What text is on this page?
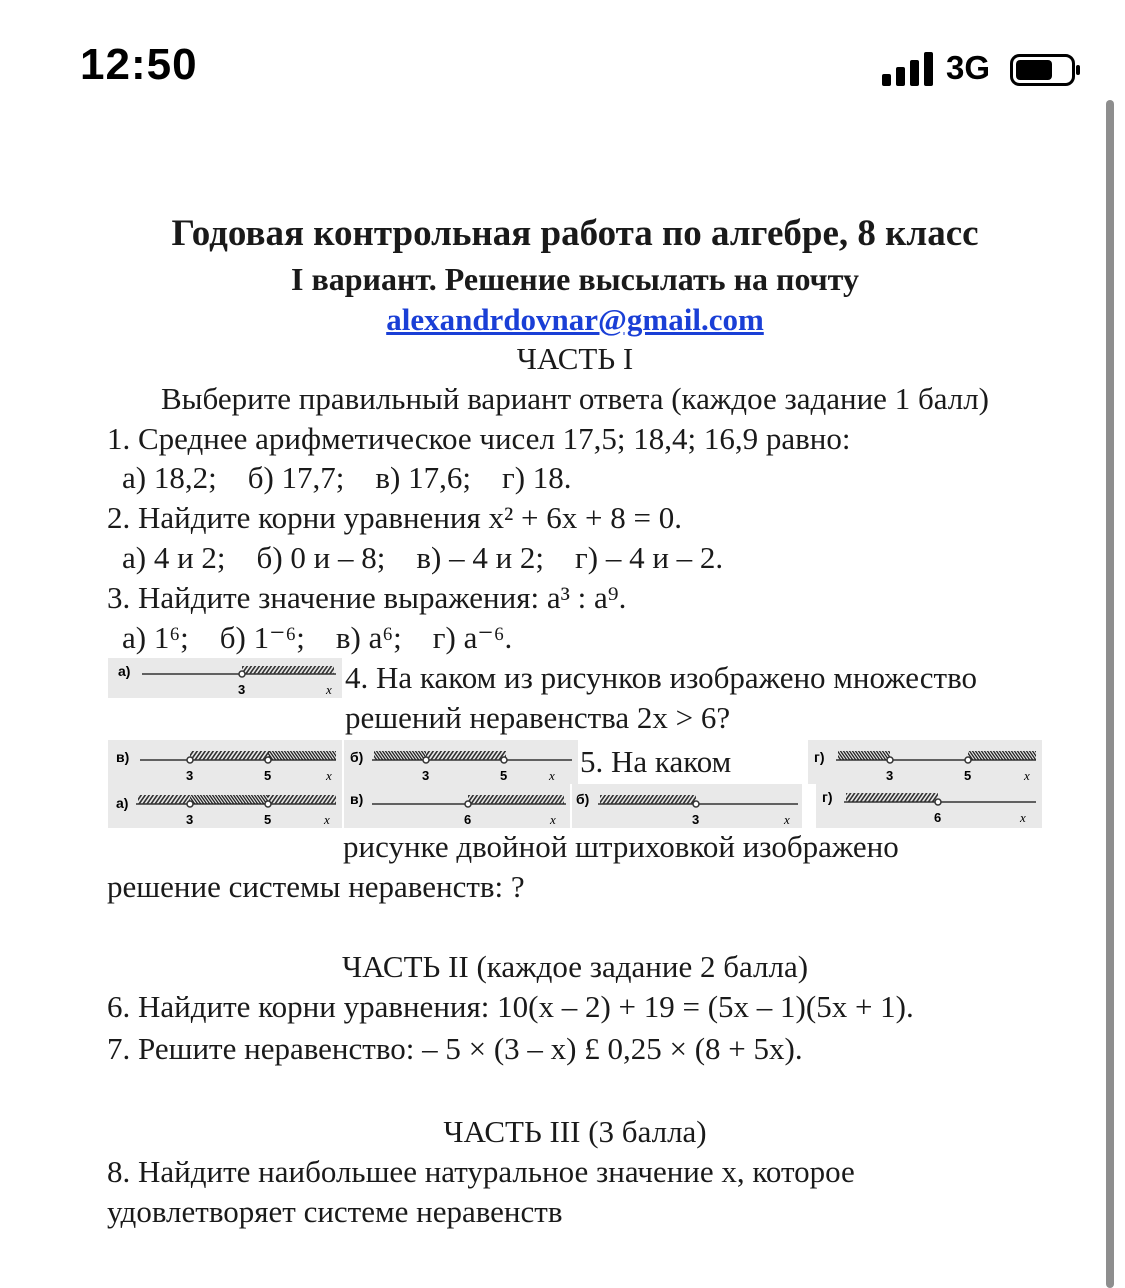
12:50	3G
Годовая контрольная работа по алгебре, 8 класс
I вариант. Решение высылать на почту
alexandrdovnar@gmail.com
ЧАСТЬ I
Выберите правильный вариант ответа (каждое задание 1 балл)
1. Среднее арифметическое чисел 17,5; 18,4; 16,9 равно:
а) 18,2; б) 17,7; в) 17,6; г) 18.
2. Найдите корни уравнения x² + 6x + 8 = 0.
а) 4 и 2; б) 0 и – 8; в) – 4 и 2; г) – 4 и – 2.
3. Найдите значение выражения: a³ : a⁹.
а) 1⁶; б) 1⁻⁶; в) a⁶; г) a⁻⁶.
а)
3	x 4. На каком из рисунков изображено множество
решений неравенства 2x > 6?
в)
3	5	x
б)
3	5	x 5. На каком	г)
3	5	x
а)
3	5	x
в)
6	x
б)
3	x
г)
6	x
рисунке двойной штриховкой изображено
решение системы неравенств: ?
ЧАСТЬ II (каждое задание 2 балла)
6. Найдите корни уравнения: 10(x – 2) + 19 = (5x – 1)(5x + 1).
7. Решите неравенство: – 5 × (3 – x) £ 0,25 × (8 + 5x).
ЧАСТЬ III (3 балла)
8. Найдите наибольшее натуральное значение x, которое
удовлетворяет системе неравенств
